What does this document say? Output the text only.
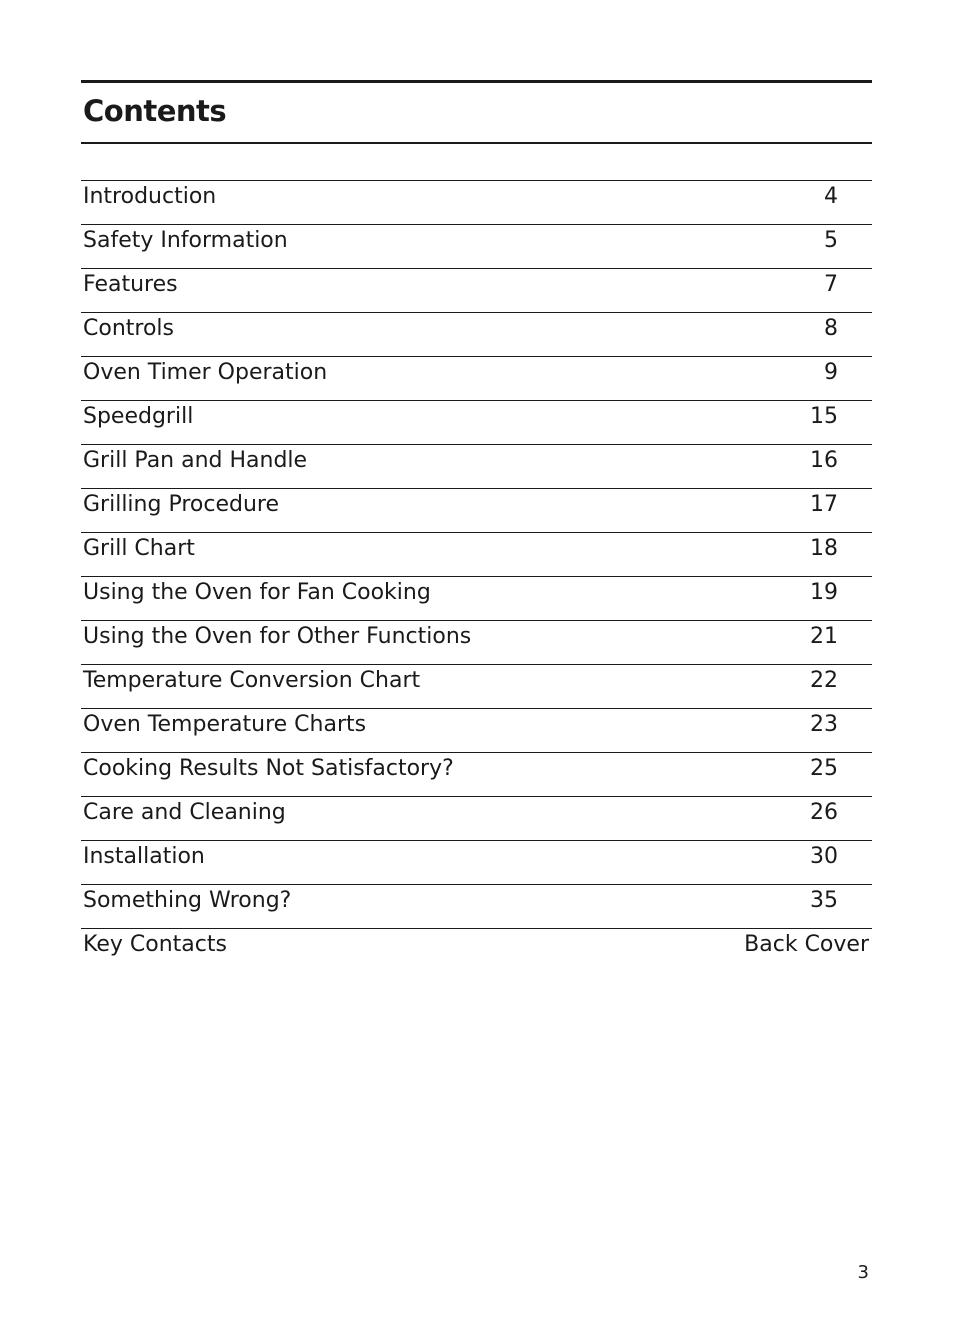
Contents
Introduction	4
Safety Information	5
Features	7
Controls	8
Oven Timer Operation	9
Speedgrill	15
Grill Pan and Handle	16
Grilling Procedure	17
Grill Chart	18
Using the Oven for Fan Cooking	19
Using the Oven for Other Functions	21
Temperature Conversion Chart	22
Oven Temperature Charts	23
Cooking Results Not Satisfactory?	25
Care and Cleaning	26
Installation	30
Something Wrong?	35
Key Contacts	Back Cover
3
